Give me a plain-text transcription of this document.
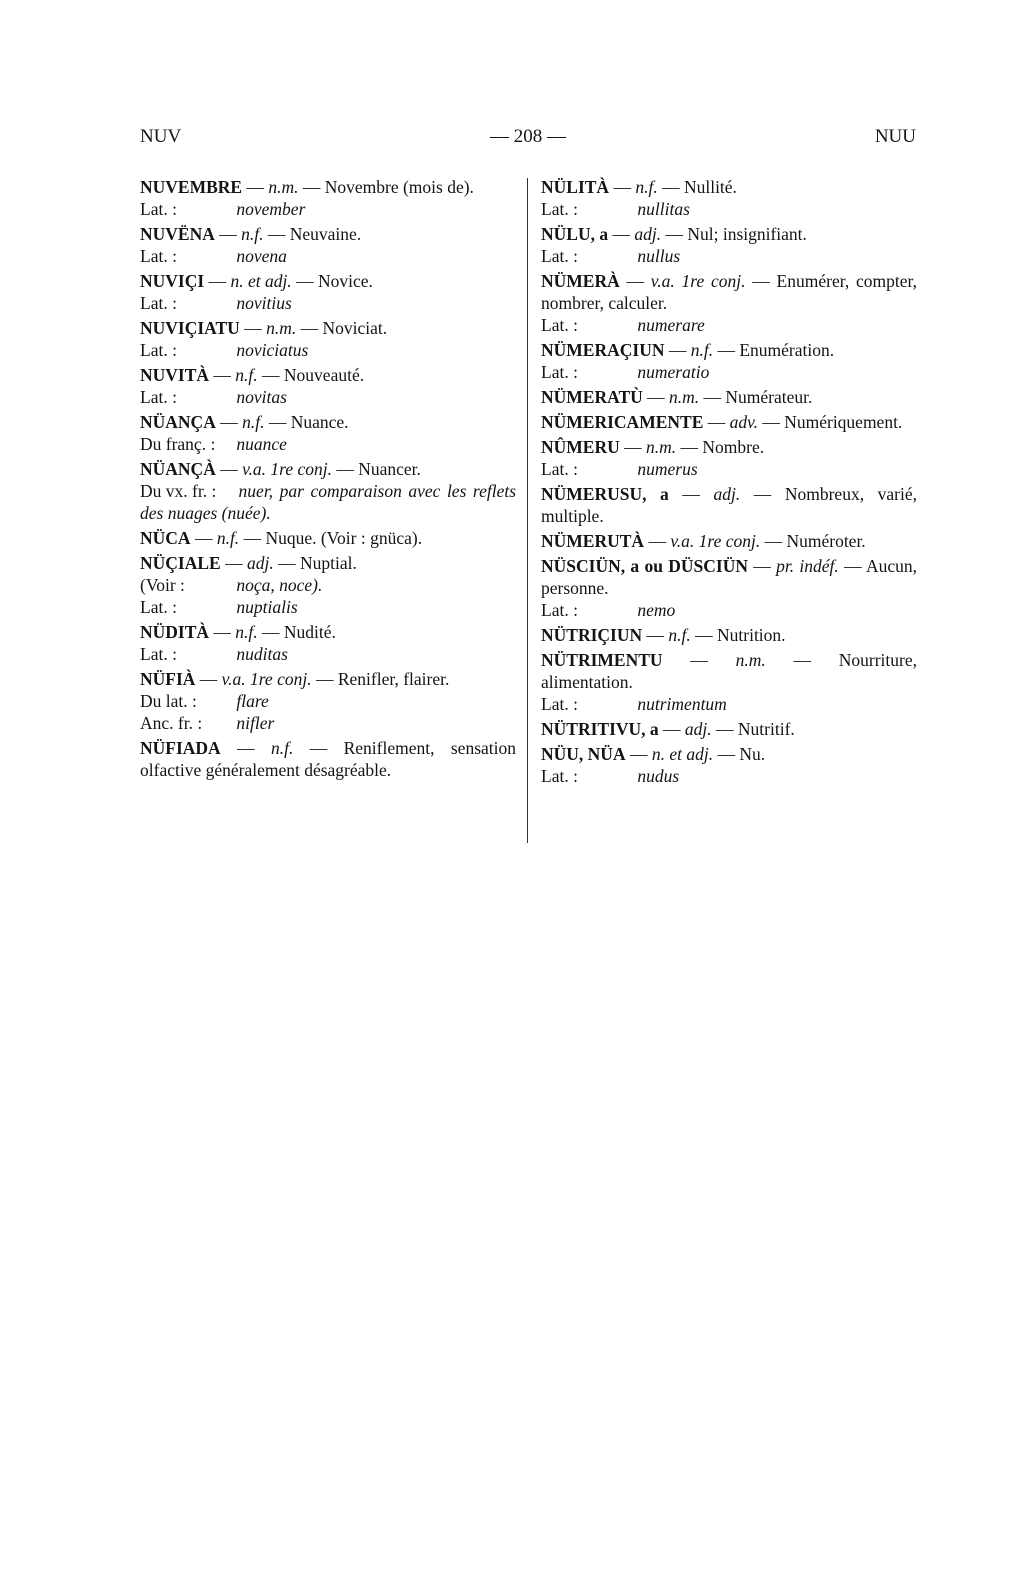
NUV	— 208 —	NUU
NUVEMBRE — n.m. — Novembre (mois de).
Lat. :	november
NUVËNA — n.f. — Neuvaine.
Lat. :	novena
NUVIÇI — n. et adj. — Novice.
Lat. :	novitius
NUVIÇIATU — n.m. — Noviciat.
Lat. :	noviciatus
NUVITÀ — n.f. — Nouveauté.
Lat. :	novitas
NÜANÇA — n.f. — Nuance.
Du franç. : nuance
NÜANÇÀ — v.a. 1re conj. — Nuancer.
Du vx. fr. : nuer, par comparaison avec les reflets des nuages (nuée).
NÜCA — n.f. — Nuque. (Voir : gnüca).
NÜÇIALE — adj. — Nuptial.
(Voir :	noça, noce).
Lat. :	nuptialis
NÜDITÀ — n.f. — Nudité.
Lat. :	nuditas
NÜFIÀ — v.a. 1re conj. — Renifler, flairer.
Du lat. : flare
Anc. fr. : nifler
NÜFIADA — n.f. — Reniflement, sensation olfactive généralement désagréable.
NÜLITÀ — n.f. — Nullité.
Lat. :	nullitas
NÜLU, a — adj. — Nul; insignifiant.
Lat. :	nullus
NÜMERÀ — v.a. 1re conj. — Enumérer, compter, nombrer, calculer.
Lat. :	numerare
NÜMERAÇIUN — n.f. — Enumération.
Lat. :	numeratio
NÜMERATÙ — n.m. — Numérateur.
NÜMERICAMENTE — adv. — Numériquement.
NÛMERU — n.m. — Nombre.
Lat. :	numerus
NÜMERUSU, a — adj. — Nombreux, varié, multiple.
NÜMERUTÀ — v.a. 1re conj. — Numéroter.
NÜSCIÜN, a ou DÜSCIÜN — pr. indéf. — Aucun, personne.
Lat. :	nemo
NÜTRIÇIUN — n.f. — Nutrition.
NÜTRIMENTU — n.m. — Nourriture, alimentation.
Lat. :	nutrimentum
NÜTRITIVU, a — adj. — Nutritif.
NÜU, NÜA — n. et adj. — Nu.
Lat. :	nudus
